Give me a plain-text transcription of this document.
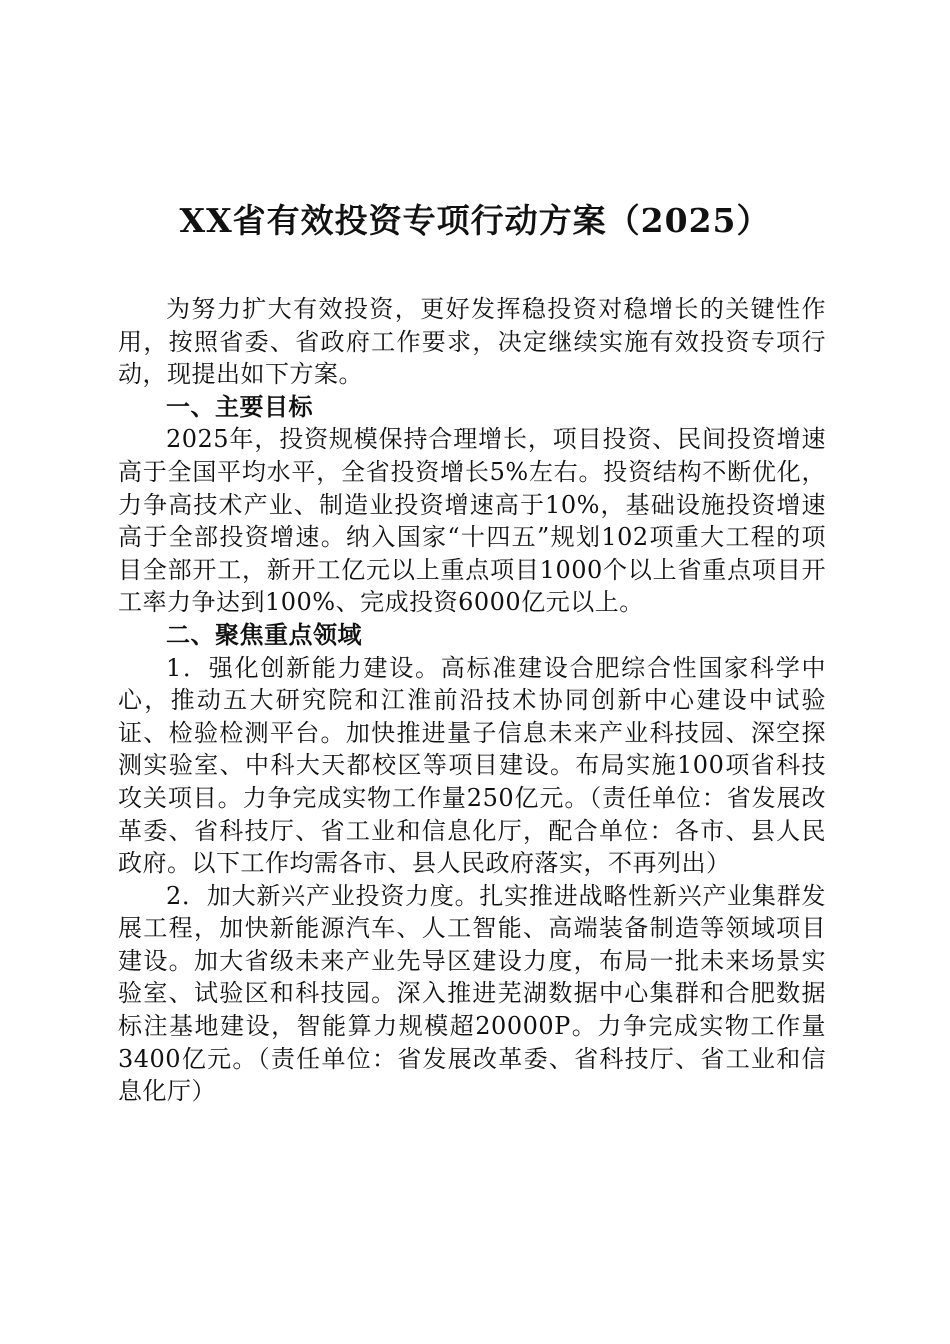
XX省有效投资专项行动方案（2025）

为努力扩大有效投资，更好发挥稳投资对稳增长的关键性作用，按照省委、省政府工作要求，决定继续实施有效投资专项行动，现提出如下方案。

一、主要目标

2025年，投资规模保持合理增长，项目投资、民间投资增速高于全国平均水平，全省投资增长5%左右。投资结构不断优化，力争高技术产业、制造业投资增速高于10%，基础设施投资增速高于全部投资增速。纳入国家“十四五”规划102项重大工程的项目全部开工，新开工亿元以上重点项目1000个以上省重点项目开工率力争达到100%、完成投资6000亿元以上。

二、聚焦重点领域

1．强化创新能力建设。高标准建设合肥综合性国家科学中心，推动五大研究院和江淮前沿技术协同创新中心建设中试验证、检验检测平台。加快推进量子信息未来产业科技园、深空探测实验室、中科大天都校区等项目建设。布局实施100项省科技攻关项目。力争完成实物工作量250亿元。（责任单位：省发展改革委、省科技厅、省工业和信息化厅，配合单位：各市、县人民政府。以下工作均需各市、县人民政府落实，不再列出）

2．加大新兴产业投资力度。扎实推进战略性新兴产业集群发展工程，加快新能源汽车、人工智能、高端装备制造等领域项目建设。加大省级未来产业先导区建设力度，布局一批未来场景实验室、试验区和科技园。深入推进芜湖数据中心集群和合肥数据标注基地建设，智能算力规模超20000P。力争完成实物工作量3400亿元。（责任单位：省发展改革委、省科技厅、省工业和信息化厅）
